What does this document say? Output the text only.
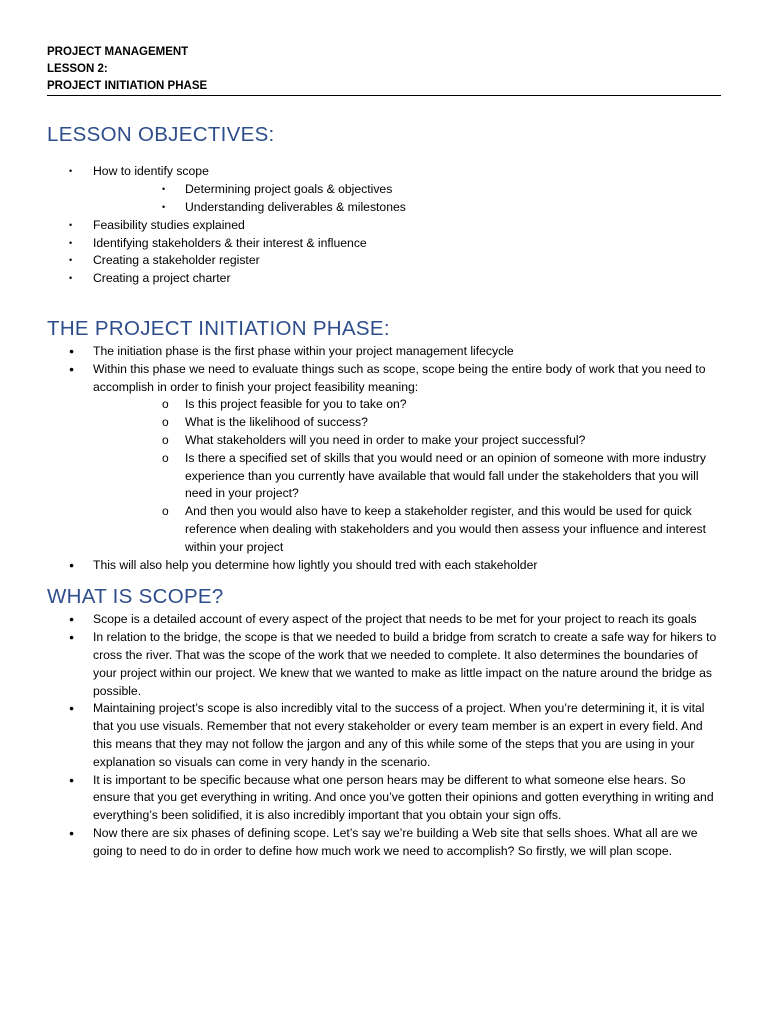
PROJECT MANAGEMENT
LESSON 2:
PROJECT INITIATION PHASE
LESSON OBJECTIVES:
• How to identify scope
• Determining project goals & objectives
• Understanding deliverables & milestones
• Feasibility studies explained
• Identifying stakeholders & their interest & influence
• Creating a stakeholder register
• Creating a project charter
THE PROJECT INITIATION PHASE:
● The initiation phase is the first phase within your project management lifecycle
● Within this phase we need to evaluate things such as scope, scope being the entire body of work that you need to accomplish in order to finish your project feasibility meaning:
o Is this project feasible for you to take on?
o What is the likelihood of success?
o What stakeholders will you need in order to make your project successful?
o Is there a specified set of skills that you would need or an opinion of someone with more industry experience than you currently have available that would fall under the stakeholders that you will need in your project?
o And then you would also have to keep a stakeholder register, and this would be used for quick reference when dealing with stakeholders and you would then assess your influence and interest within your project
● This will also help you determine how lightly you should tred with each stakeholder
WHAT IS SCOPE?
● Scope is a detailed account of every aspect of the project that needs to be met for your project to reach its goals
● In relation to the bridge, the scope is that we needed to build a bridge from scratch to create a safe way for hikers to cross the river. That was the scope of the work that we needed to complete. It also determines the boundaries of your project within our project. We knew that we wanted to make as little impact on the nature around the bridge as possible.
● Maintaining project’s scope is also incredibly vital to the success of a project. When you’re determining it, it is vital that you use visuals. Remember that not every stakeholder or every team member is an expert in every field. And this means that they may not follow the jargon and any of this while some of the steps that you are using in your explanation so visuals can come in very handy in the scenario.
● It is important to be specific because what one person hears may be different to what someone else hears. So ensure that you get everything in writing. And once you’ve gotten their opinions and gotten everything in writing and everything’s been solidified, it is also incredibly important that you obtain your sign offs.
● Now there are six phases of defining scope. Let’s say we’re building a Web site that sells shoes. What all are we going to need to do in order to define how much work we need to accomplish? So firstly, we will plan scope.
